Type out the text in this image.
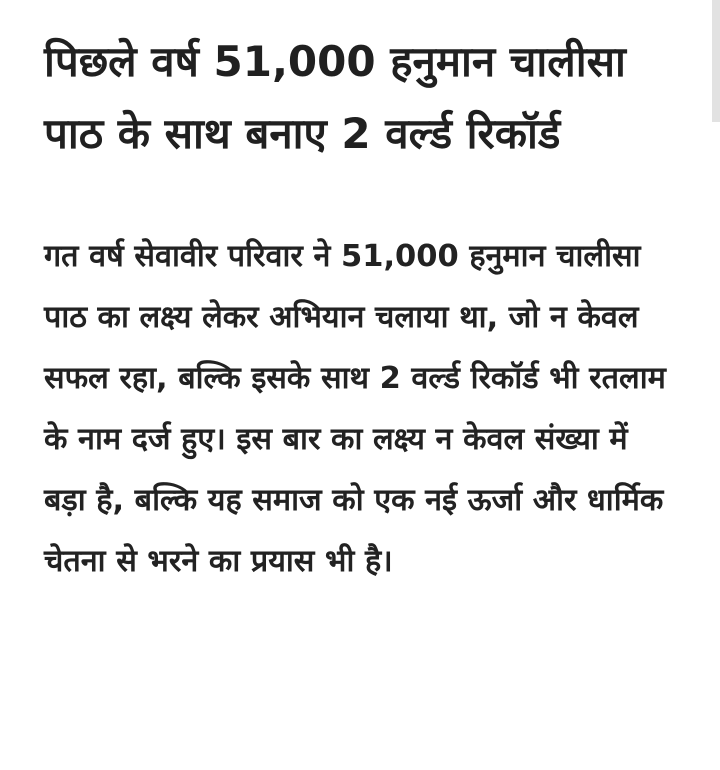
पिछले वर्ष 51,000 हनुमान चालीसा पाठ के साथ बनाए 2 वर्ल्ड रिकॉर्ड

गत वर्ष सेवावीर परिवार ने 51,000 हनुमान चालीसा पाठ का लक्ष्य लेकर अभियान चलाया था, जो न केवल सफल रहा, बल्कि इसके साथ 2 वर्ल्ड रिकॉर्ड भी रतलाम के नाम दर्ज हुए। इस बार का लक्ष्य न केवल संख्या में बड़ा है, बल्कि यह समाज को एक नई ऊर्जा और धार्मिक चेतना से भरने का प्रयास भी है।
